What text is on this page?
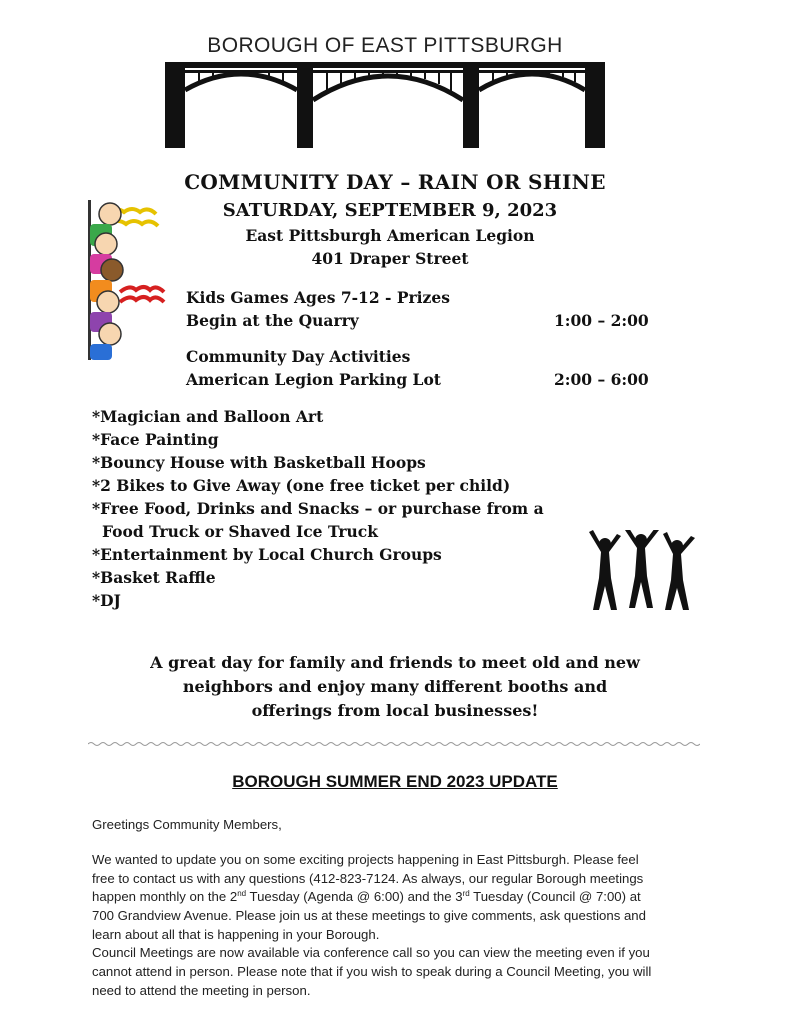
BOROUGH OF EAST PITTSBURGH
COMMUNITY DAY – RAIN OR SHINE
SATURDAY, SEPTEMBER 9, 2023
East Pittsburgh American Legion
401 Draper Street
Kids Games Ages 7-12 - Prizes
Begin at the Quarry	1:00 – 2:00
Community Day Activities
American Legion Parking Lot	2:00 – 6:00
*Magician and Balloon Art
*Face Painting
*Bouncy House with Basketball Hoops
*2 Bikes to Give Away (one free ticket per child)
*Free Food, Drinks and Snacks – or purchase from a
Food Truck or Shaved Ice Truck
*Entertainment by Local Church Groups
*Basket Raffle
*DJ
A great day for family and friends to meet old and new
neighbors and enjoy many different booths and
offerings from local businesses!
BOROUGH SUMMER END 2023 UPDATE
Greetings Community Members,
We wanted to update you on some exciting projects happening in East Pittsburgh. Please feel
free to contact us with any questions (412-823-7124. As always, our regular Borough meetings
happen monthly on the 2nd Tuesday (Agenda @ 6:00) and the 3rd Tuesday (Council @ 7:00) at
700 Grandview Avenue. Please join us at these meetings to give comments, ask questions and
learn about all that is happening in your Borough.
Council Meetings are now available via conference call so you can view the meeting even if you
cannot attend in person. Please note that if you wish to speak during a Council Meeting, you will
need to attend the meeting in person.
